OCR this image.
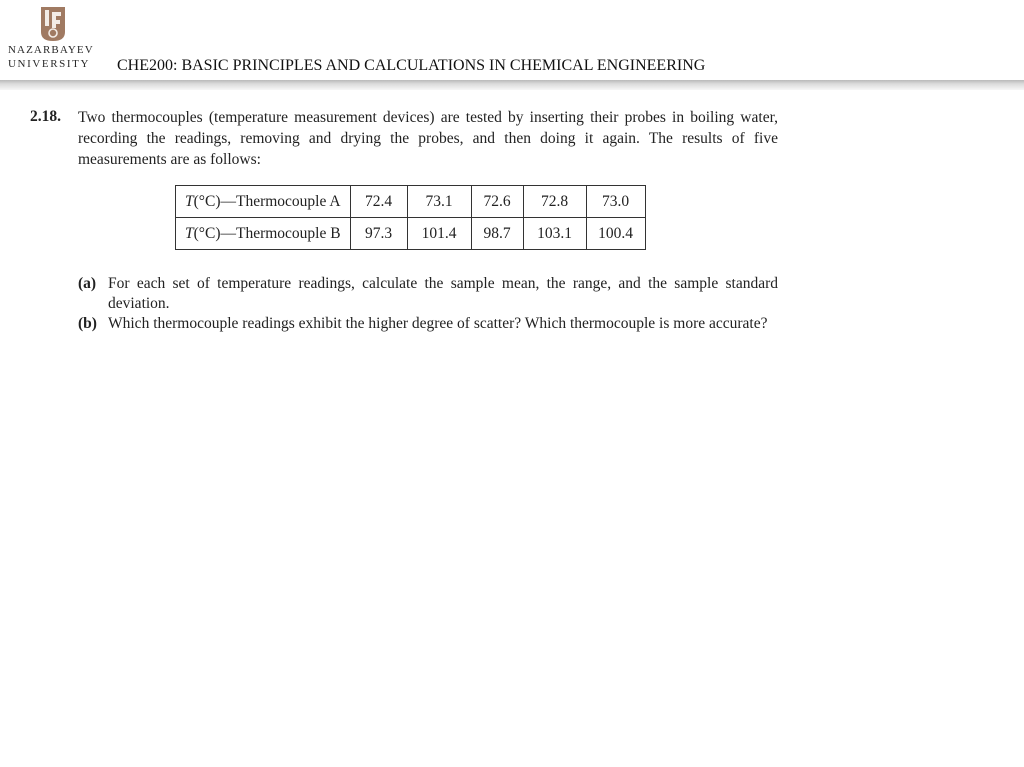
NAZARBAYEV
UNIVERSITY	CHE200: BASIC PRINCIPLES AND CALCULATIONS IN CHEMICAL ENGINEERING
2.18. Two thermocouples (temperature measurement devices) are tested by inserting their probes in boiling water, recording the readings, removing and drying the probes, and then doing it again. The results of five measurements are as follows:
T(°C)—Thermocouple A	72.4	73.1	72.6	72.8	73.0
T(°C)—Thermocouple B	97.3	101.4	98.7	103.1	100.4
(a) For each set of temperature readings, calculate the sample mean, the range, and the sample standard deviation.
(b) Which thermocouple readings exhibit the higher degree of scatter? Which thermocouple is more accurate?
